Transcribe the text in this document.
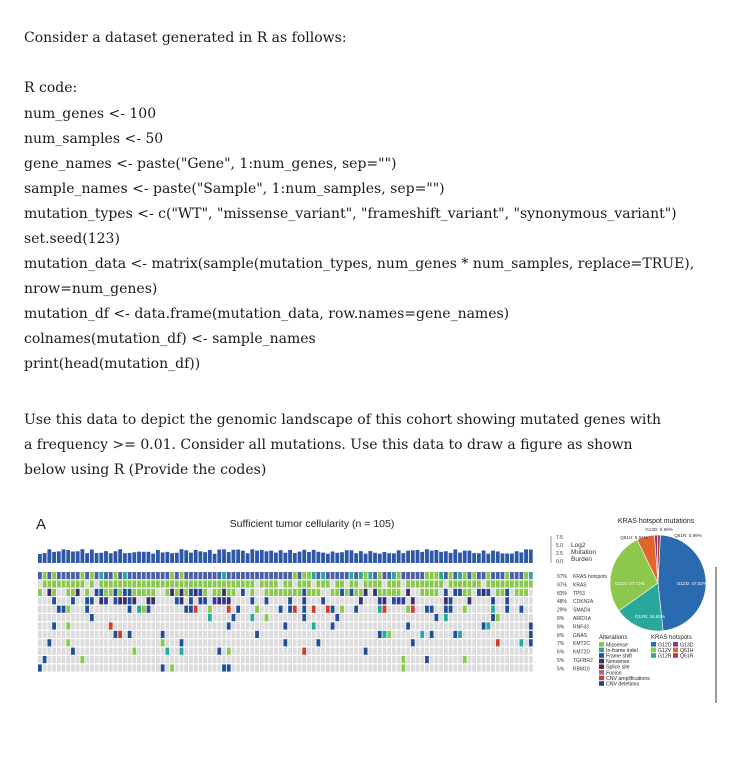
Consider a dataset generated in R as follows:
R code:
num_genes <- 100
num_samples <- 50
gene_names <- paste("Gene", 1:num_genes, sep="")
sample_names <- paste("Sample", 1:num_samples, sep="")
mutation_types <- c("WT", "missense_variant", "frameshift_variant", "synonymous_variant")
set.seed(123)
mutation_data <- matrix(sample(mutation_types, num_genes * num_samples, replace=TRUE),
nrow=num_genes)
mutation_df <- data.frame(mutation_data, row.names=gene_names)
colnames(mutation_df) <- sample_names
print(head(mutation_df))
Use this data to depict the genomic landscape of this cohort showing mutated genes with a frequency >= 0.01. Consider all mutations. Use this data to draw a figure as shown below using R (Provide the codes)
A	Sufficient tumor cellularity (n = 105)
7.5
5.0
2.5
0.0
Log2
Mutation
Burden
97% KRAS hotspots
97% KRAS
83% TP53
48% CDKN2A
29% SMAD4
8% ARID1A
8% RNF43
8% GNAS
7% KMT2C
6% KMT2D
5% TGFBR2
5% RBM10
Alterations
Missense
In-frame indel
Frame shift
Nonsense
Splice site
Fusion
CNV amplifications
CNV deletions
KRAS hotspots
G12D G13D
G12V Q61H
G12R Q61R
KRAS hotspot mutations
G12D: 47.52%
G12R: 16.83%
G12V: 27.72%
Q61H: 5.94%
G13D: 0.99%
Q61R: 0.99%
